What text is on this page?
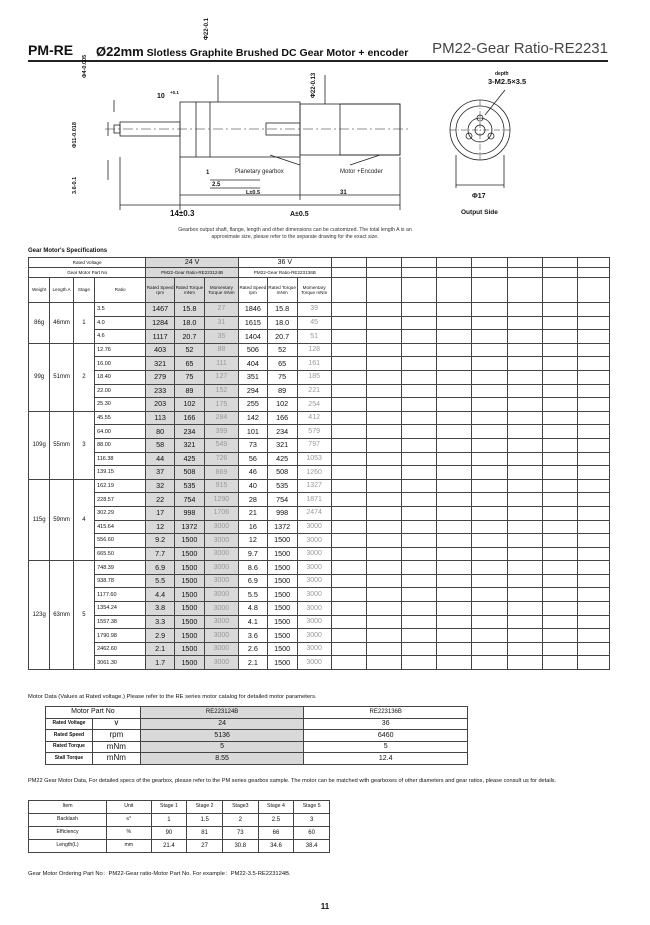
PM-RE Ø22mm Slotless Graphite Brushed DC Gear Motor + encoder PM22-Gear Ratio-RE2231
10
+0.1
Φ22-0.1
Φ22-0.13
Φ4-0.005
Φ11-0.018
3.6-0.1
1
2.5
L±0.5	31
14±0.3	A±0.5
depth
3-M2.5×3.5
Φ17
Output Side
Planetary gearbox	Motor +Encoder
Gearbox output shaft, flange, length and other dimensions can be customized. The total length A is an approximate size, please refer to the separate drawing for the exact size.
Gear Motor's Specifications
Rated Voltage				24 V			36 V										
Gear Motor Part No				PM22-Gear Ratio-RE223124B			PM22-Gear Ratio-RE223136B										
Weight	Length A	Stage	Ratio	Rated Speed rpm	Rated Torque mNm	Momentary Torque mNm	Rated Speed rpm	Rated Torque mNm	Momentary Torque mNm								
86g	46mm	1	3.5	1467	15.8	27	1846	15.8	39								
			4.0	1284	18.0	31	1615	18.0	45								
			4.6	1117	20.7	35	1404	20.7	51								
99g	51mm	2	12.76	403	52	88	506	52	128								
			16.00	321	65	111	404	65	161								
			18.40	279	75	127	351	75	185								
			22.00	233	89	152	294	89	221								
			25.30	203	102	175	255	102	254								
109g	55mm	3	45.55	113	166	284	142	166	412								
			64.00	80	234	399	101	234	579								
			88.00	58	321	549	73	321	797								
			116.38	44	425	726	56	425	1053								
			139.15	37	508	869	46	508	1260								
115g	59mm	4	162.19	32	535	915	40	535	1327								
			228.57	22	754	1290	28	754	1871								
			302.29	17	998	1706	21	998	2474								
			415.64	12	1372	3000	16	1372	3000								
			556.60	9.2	1500	3000	12	1500	3000								
			665.50	7.7	1500	3000	9.7	1500	3000								
123g	63mm	5	748.39	6.9	1500	3000	8.6	1500	3000								
			938.78	5.5	1500	3000	6.9	1500	3000								
			1177.60	4.4	1500	3000	5.5	1500	3000								
			1354.24	3.8	1500	3000	4.8	1500	3000								
			1557.38	3.3	1500	3000	4.1	1500	3000								
			1790.98	2.9	1500	3000	3.6	1500	3000								
			2462.60	2.1	1500	3000	2.6	1500	3000								
			3061.30	1.7	1500	3000	2.1	1500	3000								
Motor Data (Values at Rated voltage.) Please refer to the RE series motor catalog for detailed motor parameters.
Motor Part No		RE223124B	RE223136B
Rated Voltage	V	24	36
Rated Speed	rpm	5136	6460
Rated Torque	mNm	5	5
Stall Torque	mNm	8.55	12.4
PM22 Gear Motor Data, For detailed specs of the gearbox, please refer to the PM series gearbox sample. The motor can be matched with gearboxes of other diameters and gear ratios, please consult us for details.
Item	Unit	Stage 1	Stage 2	Stage3	Stage 4	Stage 5
Backlash	≤°	1	1.5	2	2.5	3
Efficiency	%	90	81	73	66	60
Length(L)	mm	21.4	27	30.8	34.6	38.4
Gear Motor Ordering Part No：PM22-Gear ratio-Motor Part No. For example：PM22-3.5-RE223124B.
11
